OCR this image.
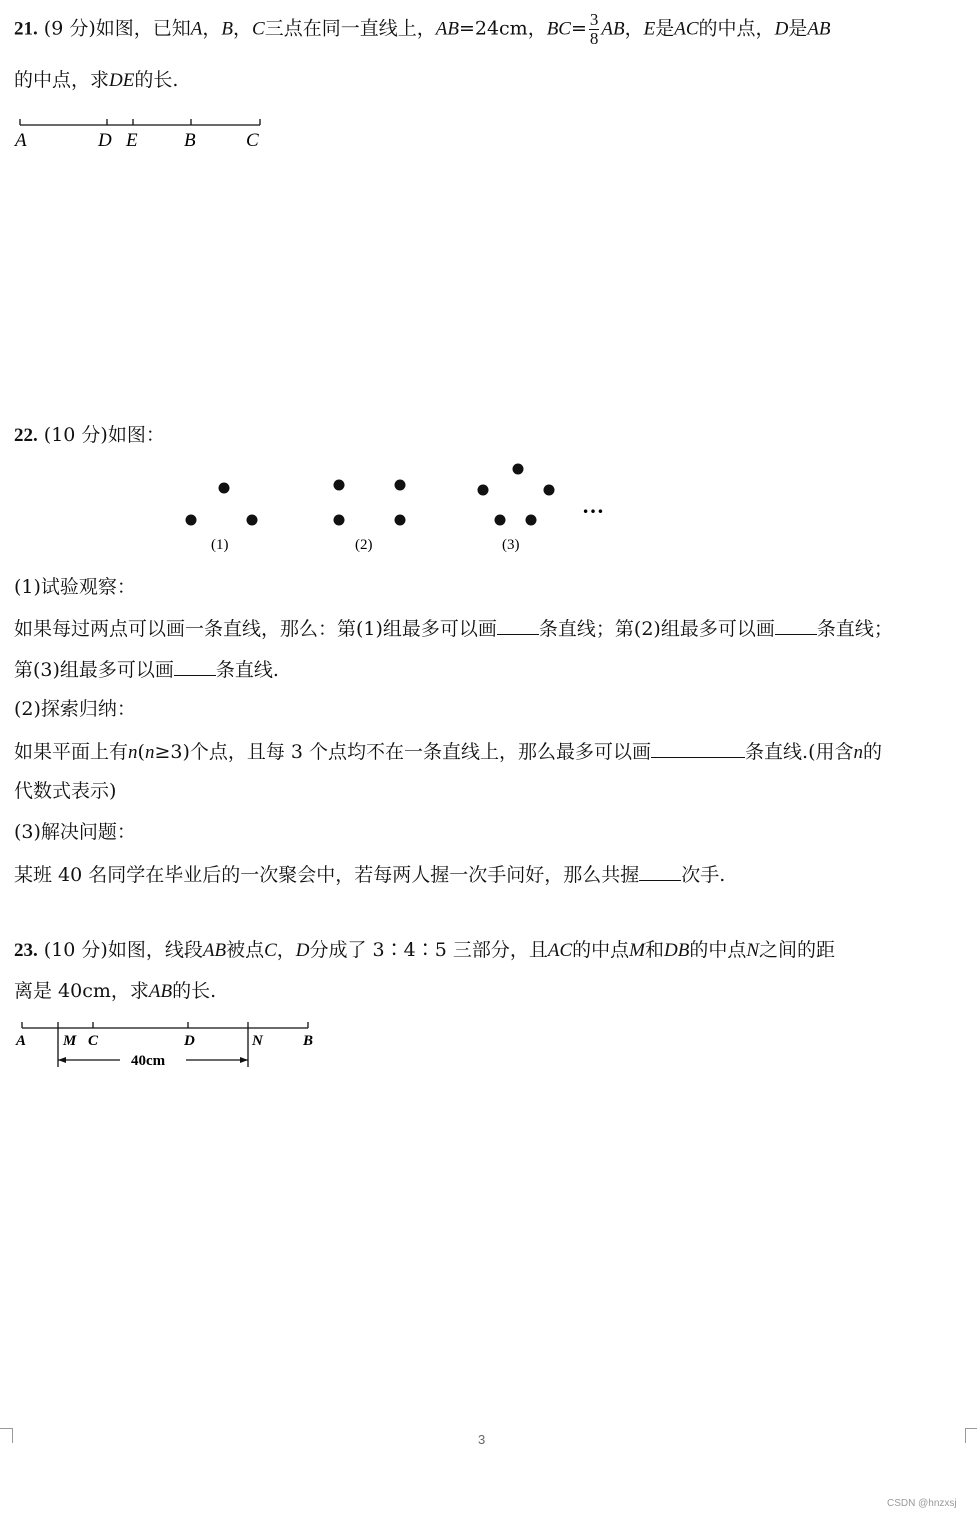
21. (9 分)如图，已知A，B，C三点在同一直线上，AB=24cm，$BC= \frac{3}{8}$ AB，E是AC的中点，D是AB
的中点，求DE的长.
A	D E B	C
22. (10 分)如图：
…
(1)	(2)	(3)
(1)试验观察：
如果每过两点可以画一条直线，那么：第(1)组最多可以画 条直线；第(2)组最多可以画 条直线；
第(3)组最多可以画 条直线.
(2)探索归纳：
如果平面上有n(n≥3)个点，且每 3 个点均不在一条直线上，那么最多可以画	条直线.(用含n的
代数式表示)
(3)解决问题：
某班 40 名同学在毕业后的一次聚会中，若每两人握一次手问好，那么共握 次手.
23. (10 分)如图，线段AB被点C，D分成了 3∶4∶5 三部分，且AC的中点M和DB的中点N之间的距
离是 40cm，求AB的长.
A M C	D	N	B
40cm
3
CSDN @hnzxsj
